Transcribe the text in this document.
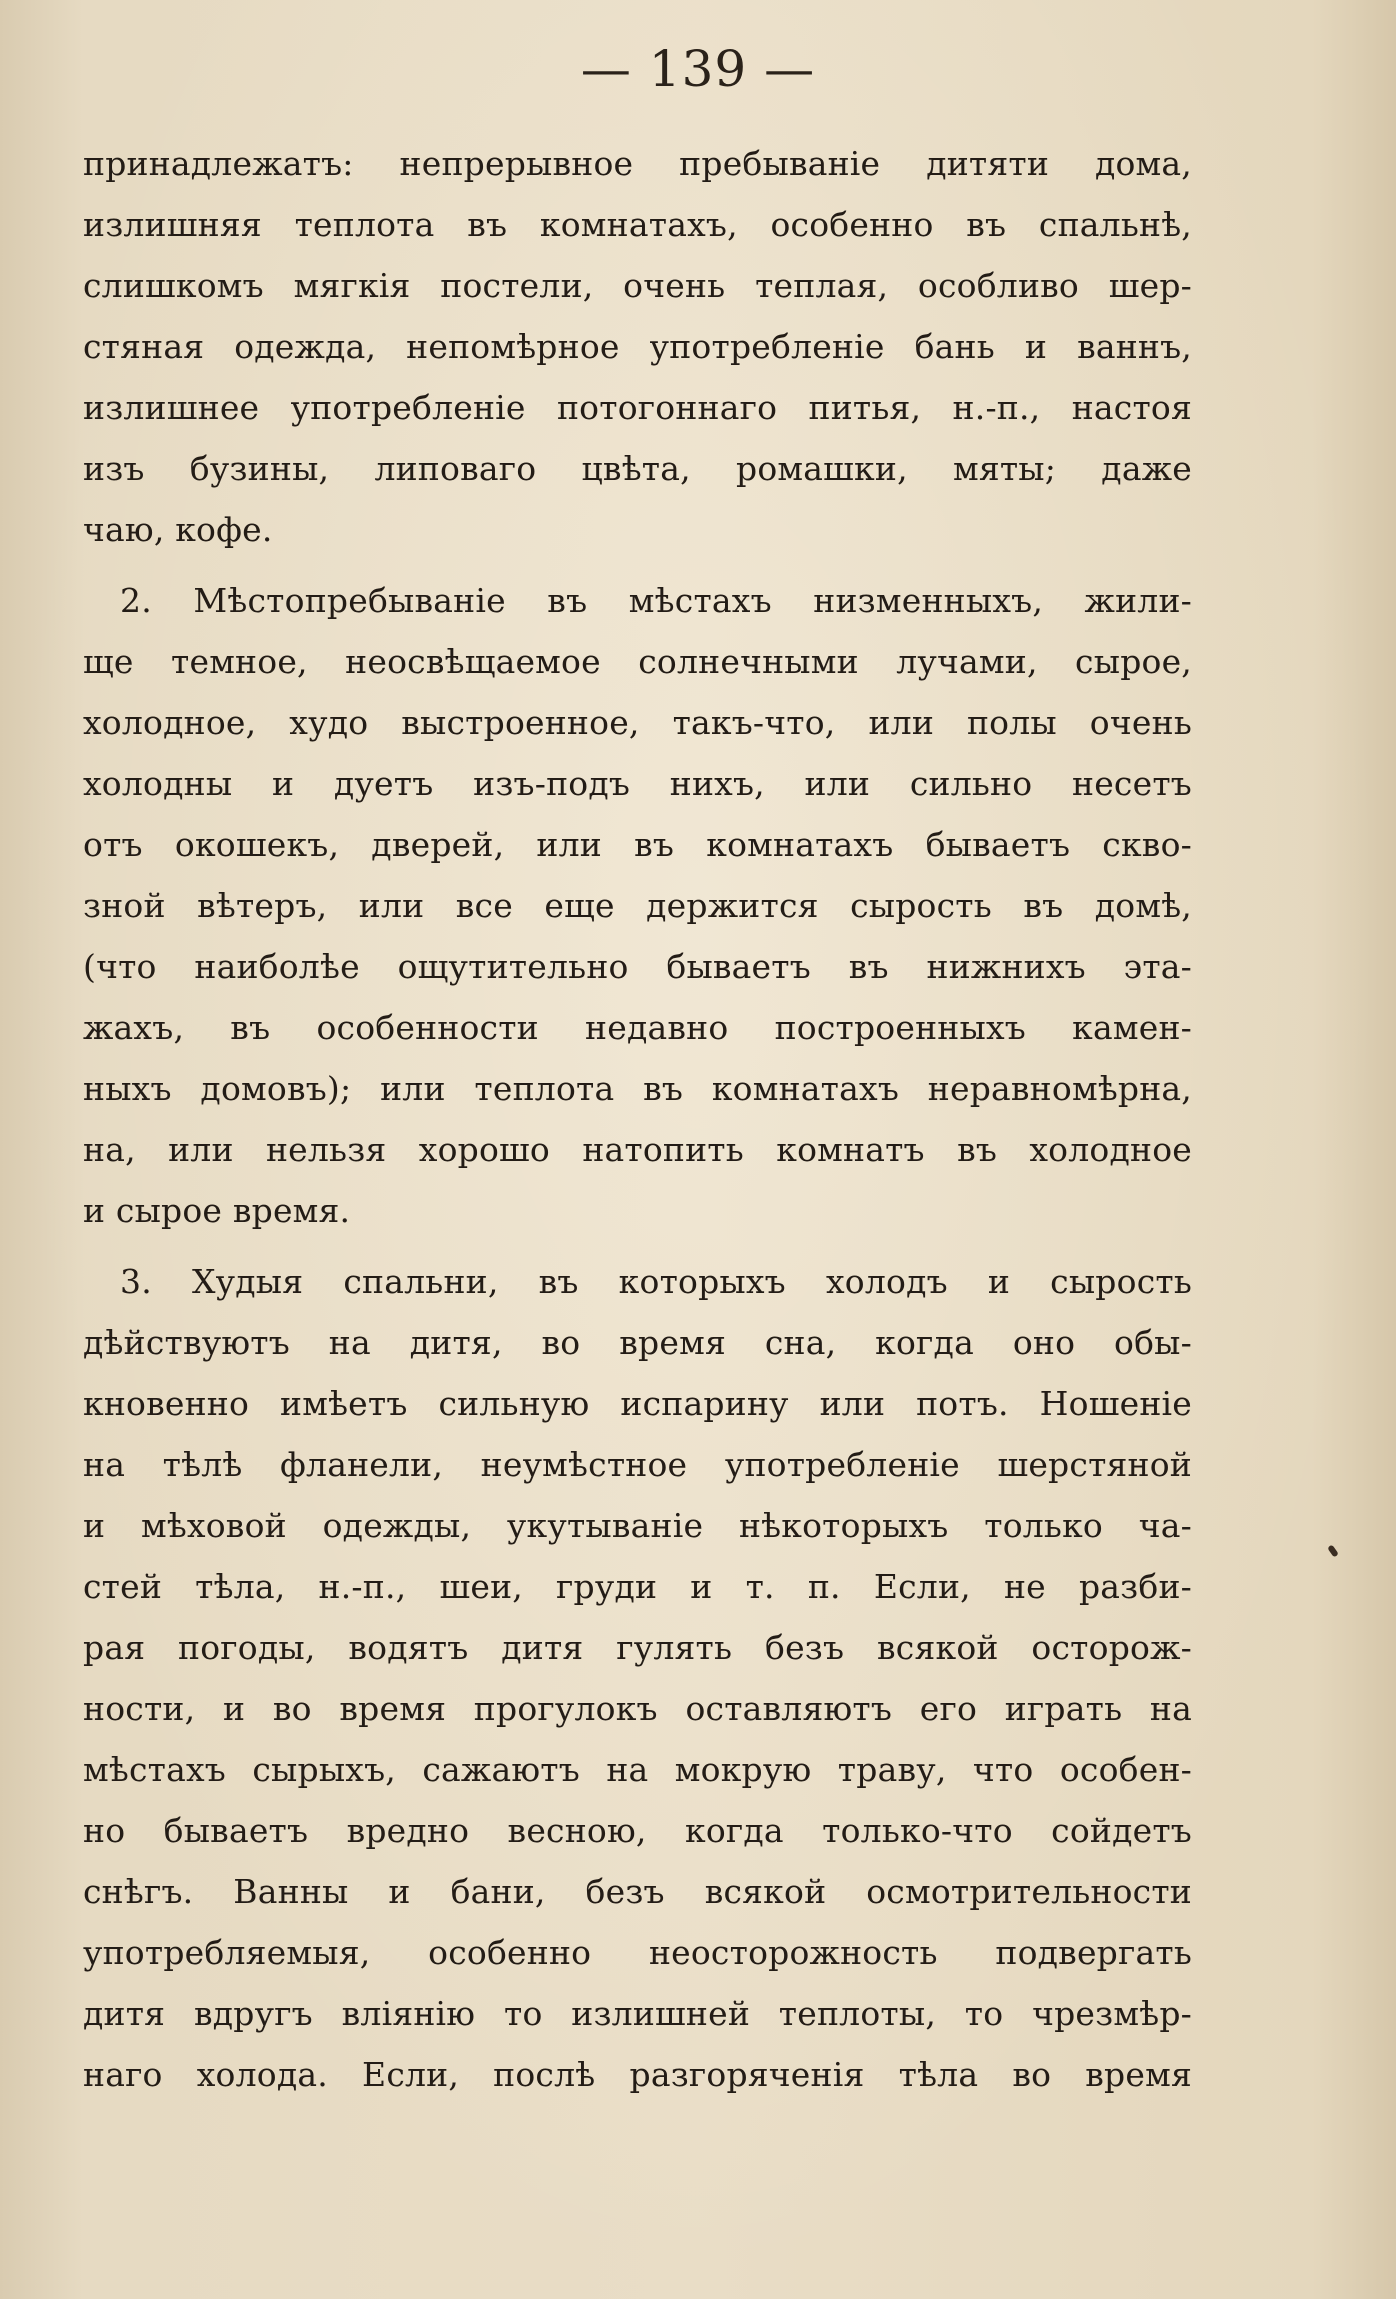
— 139 —
принадлежатъ: непрерывное пребываніе дитяти дома,
излишняя теплота въ комнатахъ, особенно въ спальнѣ,
слишкомъ мягкія постели, очень теплая, особливо шер-
стяная одежда, непомѣрное употребленіе бань и ваннъ,
излишнее употребленіе потогоннаго питья, н.-п., настоя
изъ бузины, липоваго цвѣта, ромашки, мяты; даже
чаю, кофе.
2. Мѣстопребываніе въ мѣстахъ низменныхъ, жили-
ще темное, неосвѣщаемое солнечными лучами, сырое,
холодное, худо выстроенное, такъ-что, или полы очень
холодны и дуетъ изъ-подъ нихъ, или сильно несетъ
отъ окошекъ, дверей, или въ комнатахъ бываетъ скво-
зной вѣтеръ, или все еще держится сырость въ домѣ,
(что наиболѣе ощутительно бываетъ въ нижнихъ эта-
жахъ, въ особенности недавно построенныхъ камен-
ныхъ домовъ); или теплота въ комнатахъ неравномѣрна,
на, или нельзя хорошо натопить комнатъ въ холодное
и сырое время.
3. Худыя спальни, въ которыхъ холодъ и сырость
дѣйствуютъ на дитя, во время сна, когда оно обы-
кновенно имѣетъ сильную испарину или потъ. Ношеніе
на тѣлѣ фланели, неумѣстное употребленіе шерстяной
и мѣховой одежды, укутываніе нѣкоторыхъ только ча-
стей тѣла, н.-п., шеи, груди и т. п. Если, не разби-
рая погоды, водятъ дитя гулять безъ всякой осторож-
ности, и во время прогулокъ оставляютъ его играть на
мѣстахъ сырыхъ, сажаютъ на мокрую траву, что особен-
но бываетъ вредно весною, когда только-что сойдетъ
снѣгъ. Ванны и бани, безъ всякой осмотрительности
употребляемыя, особенно неосторожность подвергать
дитя вдругъ вліянію то излишней теплоты, то чрезмѣр-
наго холода. Если, послѣ разгоряченія тѣла во время
